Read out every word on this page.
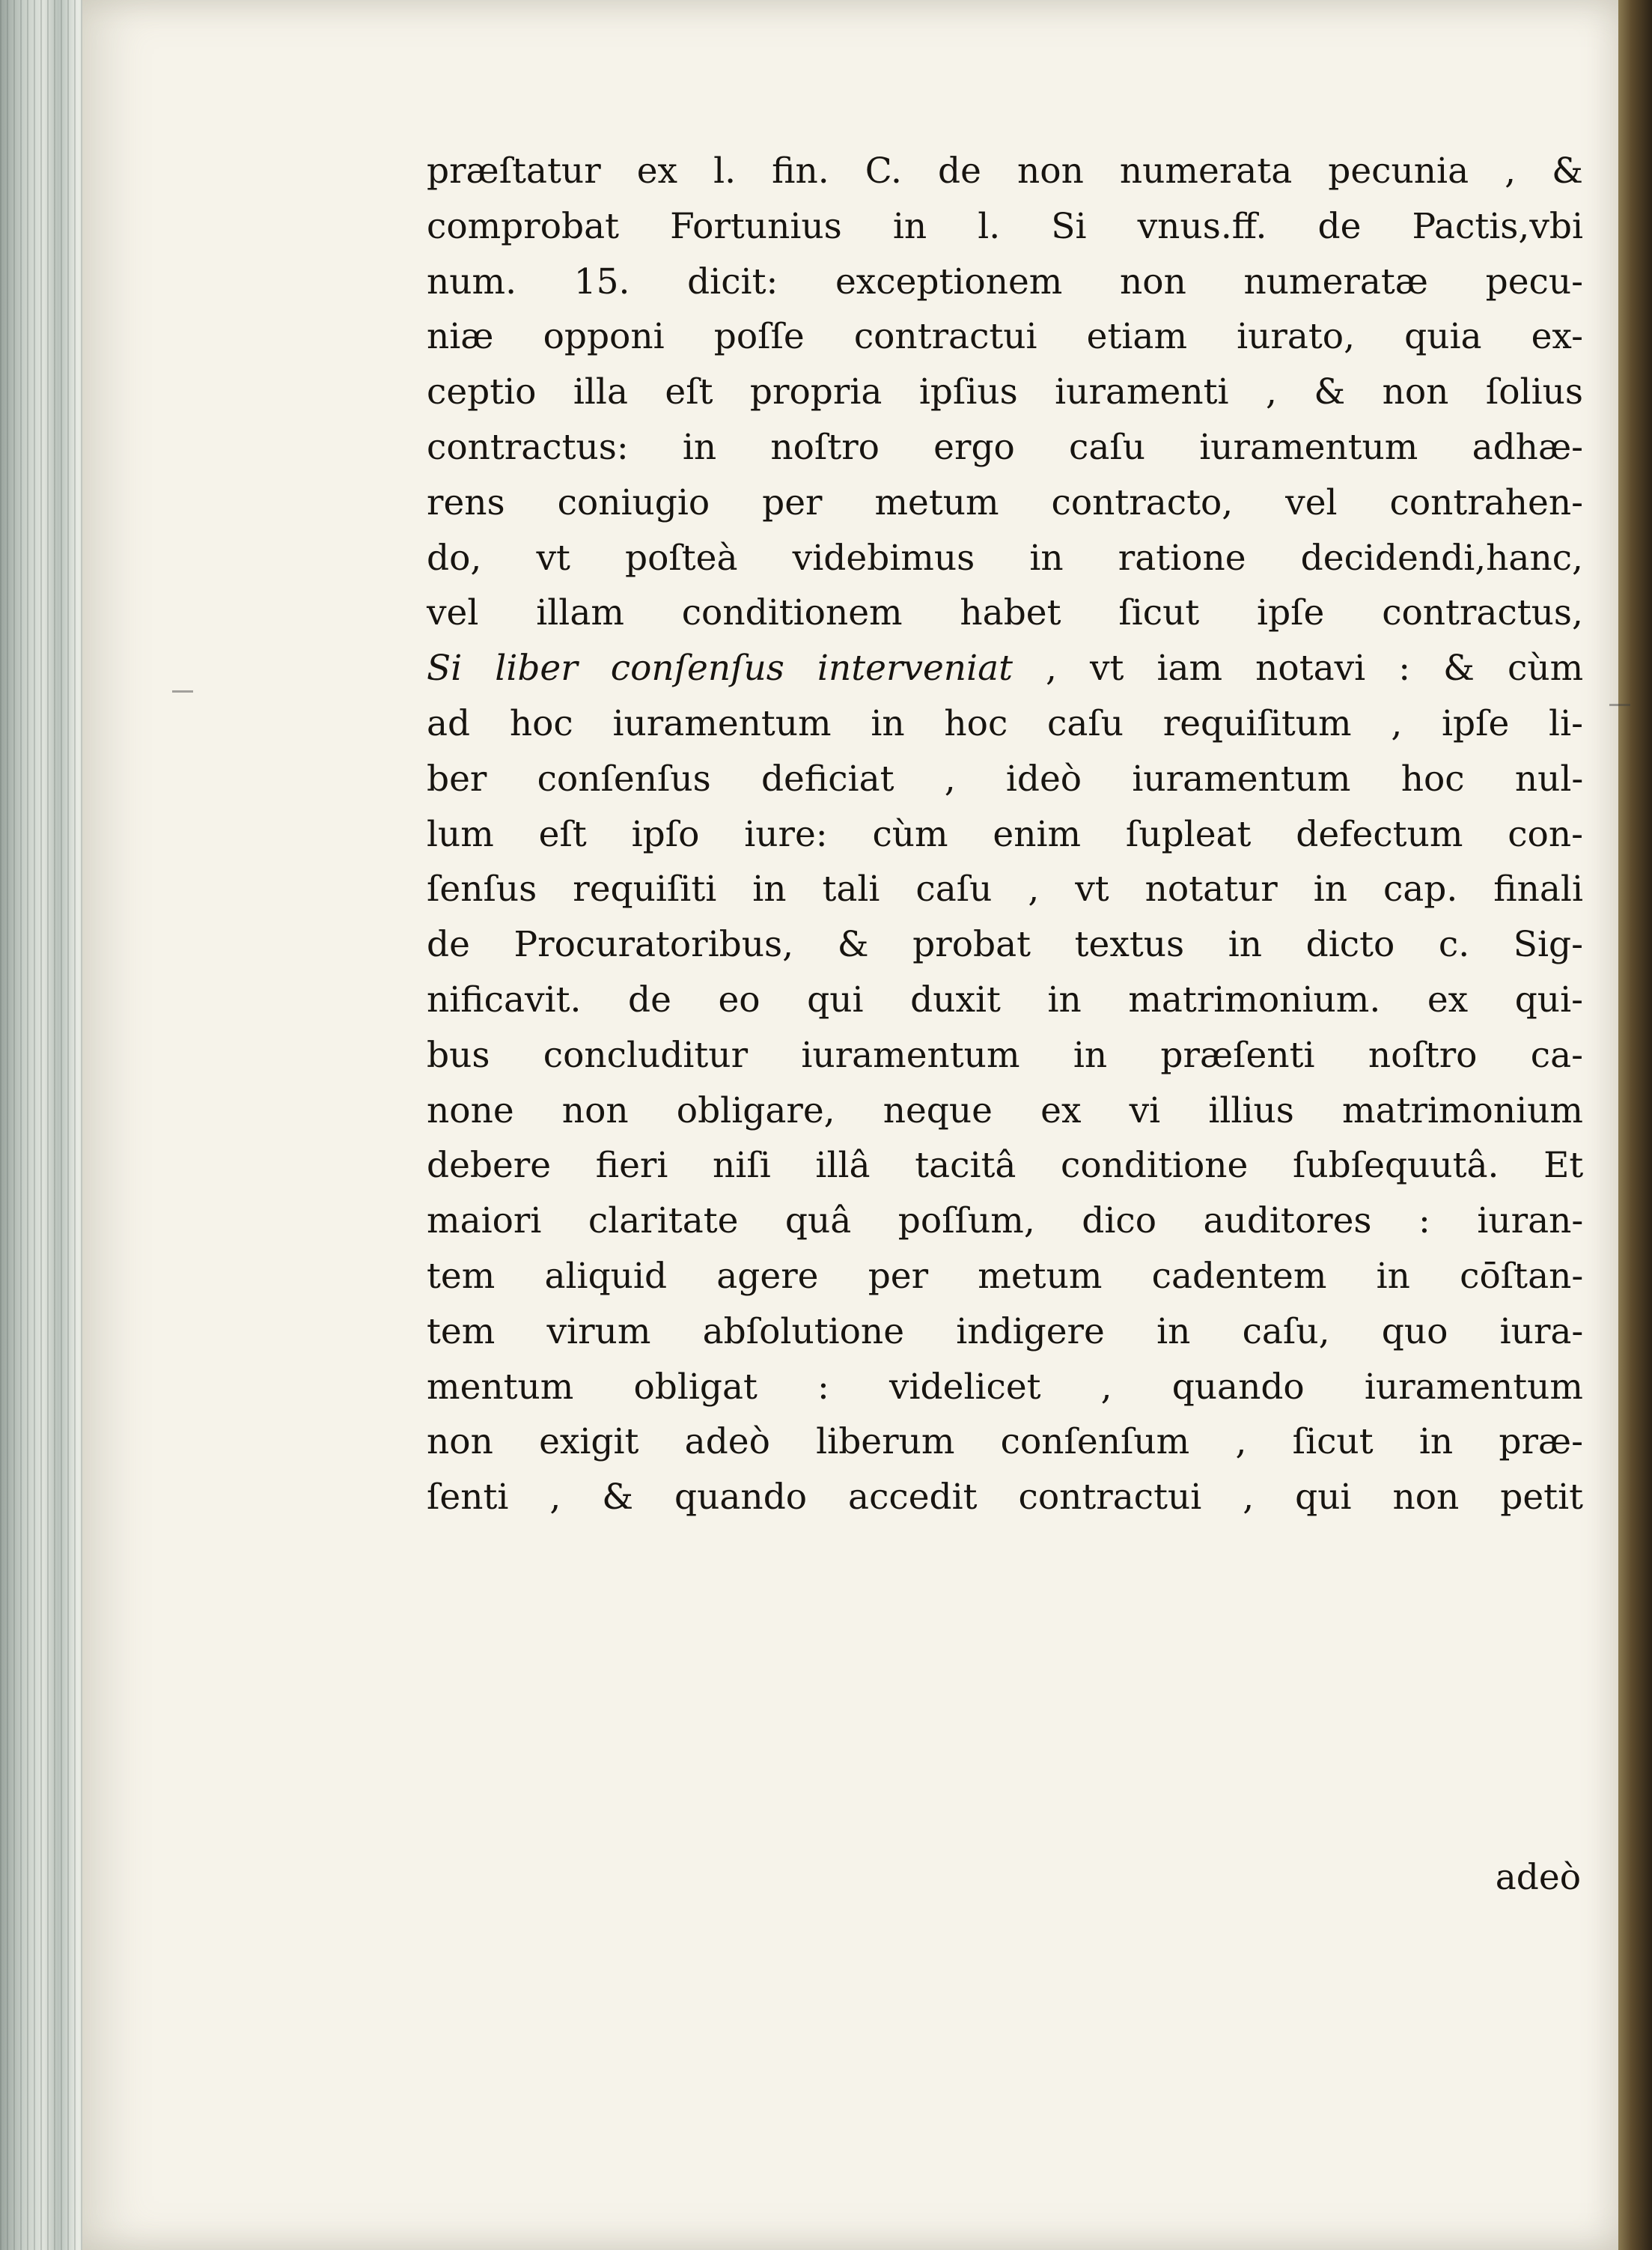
præſtatur ex l. fin. C. de non numerata pecunia , &
comprobat Fortunius in l. Si vnus.ff. de Pactis,vbi
num. 15. dicit: exceptionem non numeratæ pecu-
niæ opponi poſſe contractui etiam iurato, quia ex-
ceptio illa eſt propria ipſius iuramenti , & non ſolius
contractus: in noſtro ergo caſu iuramentum adhæ-
rens coniugio per metum contracto, vel contrahen-
do, vt poſteà videbimus in ratione decidendi,hanc,
vel illam conditionem habet ſicut ipſe contractus,
Si liber conſenſus interveniat , vt iam notavi : & cùm
ad hoc iuramentum in hoc caſu requiſitum , ipſe li-
ber conſenſus deficiat , ideò iuramentum hoc nul-
lum eſt ipſo iure: cùm enim ſupleat defectum con-
ſenſus requiſiti in tali caſu , vt notatur in cap. finali
de Procuratoribus, & probat textus in dicto c. Sig-
nificavit. de eo qui duxit in matrimonium. ex qui-
bus concluditur iuramentum in præſenti noſtro ca-
none non obligare, neque ex vi illius matrimonium
debere fieri niſi illâ tacitâ conditione ſubſequutâ. Et
maiori claritate quâ poſſum, dico auditores : iuran-
tem aliquid agere per metum cadentem in cōſtan-
tem virum abſolutione indigere in caſu, quo iura-
mentum obligat : videlicet , quando iuramentum
non exigit adeò liberum conſenſum , ſicut in præ-
ſenti , & quando accedit contractui , qui non petit
adeò
